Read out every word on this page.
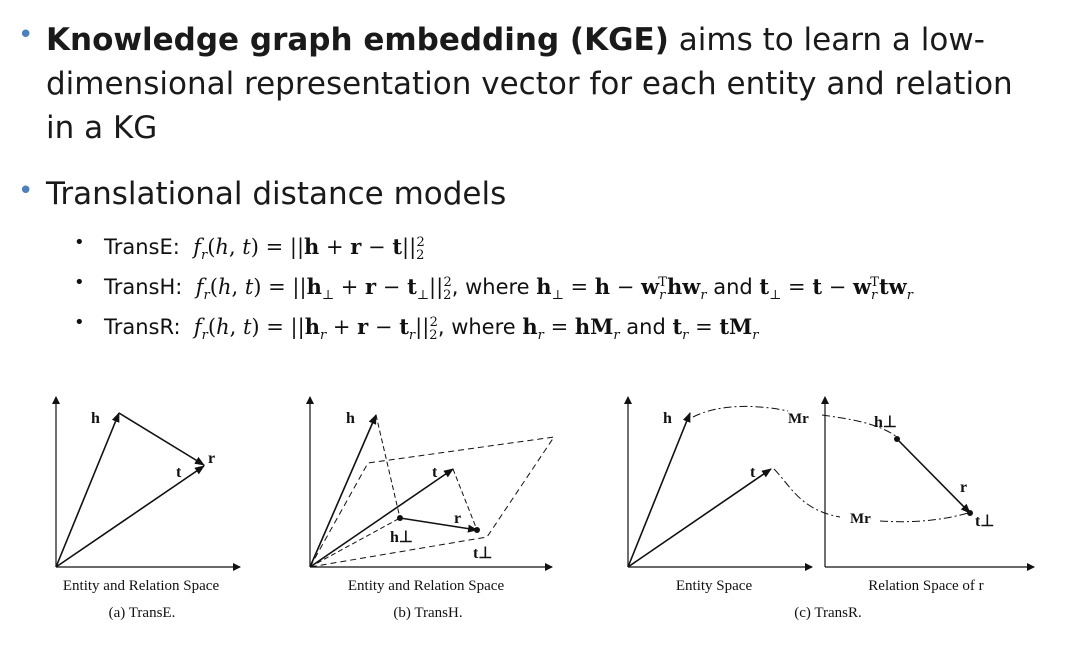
• Knowledge graph embedding (KGE) aims to learn a low-
dimensional representation vector for each entity and relation
in a KG
• Translational distance models
• TransE: $f_r(h$, $t) = ||h + r - t||_2^2$
• TransH: $f_r(h$, $t) = ||h_\perp + r - t_\perp||_2^2$, where $h_\perp = h - w_r^Thw_r$ and $t_\perp = t - w_r^Ttw_r$
• TransR: $f_r(h$, $t) = ||h_r + r - t_r||_2^2$, where $h_r = hM_r$ and $t_r = tM_r$
h
t
r
Entity and Relation Space
(a) TransE.
h
t
r
h⊥
t⊥
Entity and Relation Space
(b) TransH.
h
t
Mr	h⊥
r
Mr	t⊥
Entity Space	Relation Space of r
(c) TransR.
